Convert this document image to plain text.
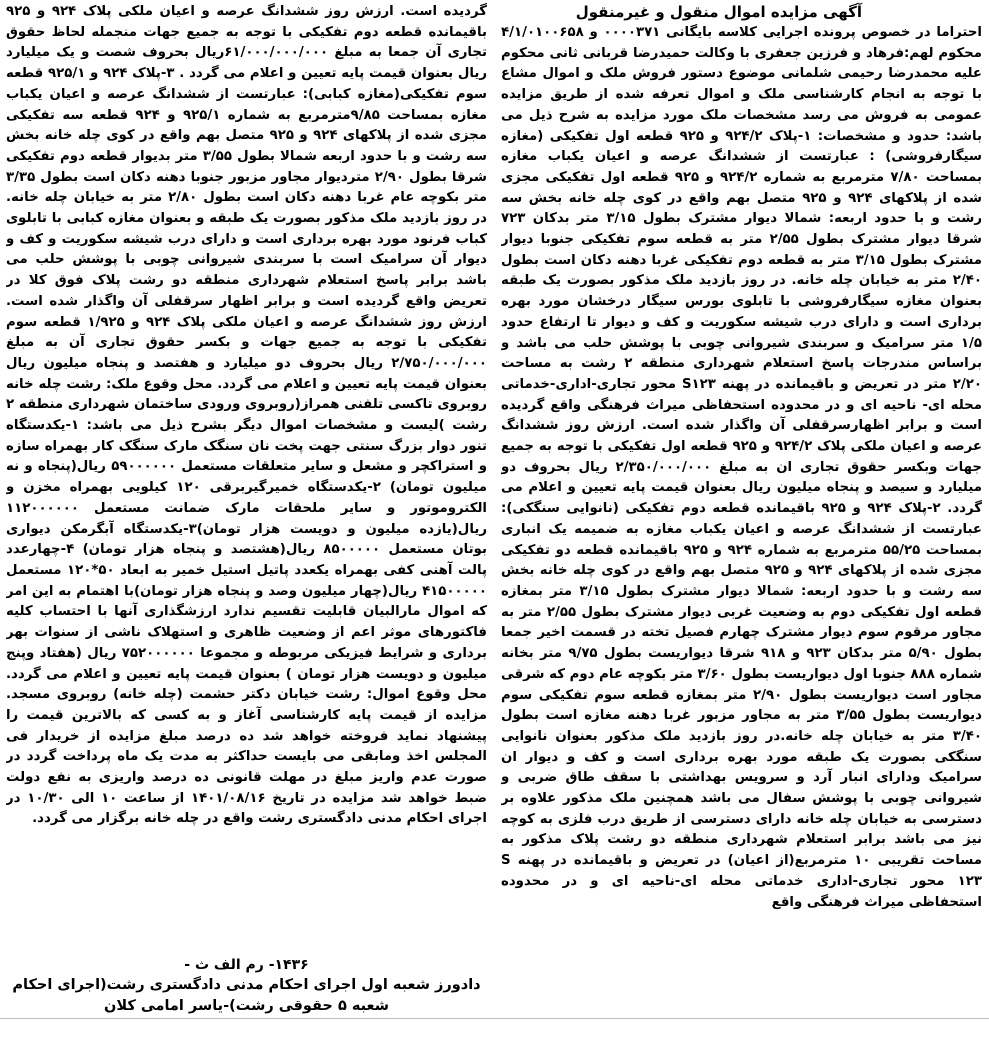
آگهی مزایده اموال منقول و غیرمنقول
احتراما در خصوص پرونده اجرایی کلاسه بایگانی ۰۰۰۰۳۷۱ و ۴/۱/۰۱۰۰۶۵۸ محکوم لهم:فرهاد و فرزین جعفری با وکالت حمیدرضا قربانی ثانی محکوم علیه محمدرضا رحیمی شلمانی موضوع دستور فروش ملک و اموال مشاع با توجه به انجام کارشناسی ملک و اموال تعرفه شده از طریق مزایده عمومی به فروش می رسد مشخصات ملک مورد مزایده به شرح ذیل می باشد: حدود و مشخصات: ۱-پلاک ۹۲۴/۲ و ۹۲۵ قطعه اول تفکیکی (مغازه سیگارفروشی) : عبارتست از ششدانگ عرصه و اعیان یکباب مغازه بمساحت ۷/۸۰ مترمربع به شماره ۹۲۴/۲ و ۹۲۵ قطعه اول تفکیکی مجزی شده از پلاکهای ۹۲۴ و ۹۲۵ متصل بهم واقع در کوی چله خانه بخش سه رشت و با حدود اربعه: شمالا دیوار مشترک بطول ۳/۱۵ متر بدکان ۷۲۳ شرقا دیوار مشترک بطول ۲/۵۵ متر به قطعه سوم تفکیکی جنوبا دیوار مشترک بطول ۳/۱۵ متر به قطعه دوم تفکیکی غربا دهنه دکان است بطول ۲/۴۰ متر به خیابان چله خانه. در روز بازدید ملک مذکور بصورت یک طبقه بعنوان مغازه سیگارفروشی با تابلوی بورس سیگار درخشان مورد بهره برداری است و دارای درب شیشه سکوریت و کف و دیوار تا ارتفاع حدود ۱/۵ متر سرامیک و سربندی شیروانی چوبی با پوشش حلب می باشد و براساس مندرجات پاسخ استعلام شهرداری منطقه ۲ رشت به مساحت ۲/۲۰ متر در تعریض و باقیمانده در پهنه S۱۲۳ محور تجاری-اداری-خدماتی محله ای- ناحیه ای و در محدوده استحفاظی میراث فرهنگی واقع گردیده است و برابر اظهارسرقفلی آن واگذار شده است. ارزش روز ششدانگ عرصه و اعیان ملکی پلاک ۹۲۴/۲ و ۹۲۵ قطعه اول تفکیکی با توجه به جمیع جهات وبکسر حقوق تجاری ان به مبلغ ۲/۳۵۰/۰۰۰/۰۰۰ ریال بحروف دو میلیارد و سیصد و پنجاه میلیون ریال بعنوان قیمت پایه تعیین و اعلام می گردد. ۲-پلاک ۹۲۴ و ۹۲۵ باقیمانده قطعه دوم تفکیکی (نانوایی سنگکی): عبارتست از ششدانگ عرصه و اعیان یکباب مغازه به ضمیمه یک انباری بمساحت ۵۵/۲۵ مترمربع به شماره ۹۲۴ و ۹۲۵ باقیمانده قطعه دو تفکیکی مجزی شده از پلاکهای ۹۲۴ و ۹۲۵ متصل بهم واقع در کوی چله خانه بخش سه رشت و با حدود اربعه: شمالا دیوار مشترک بطول ۳/۱۵ متر بمغازه قطعه اول تفکیکی دوم به وضعیت غربی دیوار مشترک بطول ۲/۵۵ متر به مجاور مرقوم سوم دیوار مشترک چهارم فصیل تخته در قسمت اخیر جمعا بطول ۵/۹۰ متر بدکان ۹۲۳ و ۹۱۸ شرقا دیواریست بطول ۹/۷۵ متر بخانه شماره ۸۸۸ جنوبا اول دیواریست بطول ۳/۶۰ متر بکوچه عام دوم که شرقی مجاور است دیواریست بطول ۲/۹۰ متر بمغازه قطعه سوم تفکیکی سوم دیواریست بطول ۳/۵۵ متر به مجاور مزبور غربا دهنه مغازه است بطول ۳/۴۰ متر به خیابان چله خانه.در روز بازدید ملک مذکور بعنوان نانوایی سنگکی بصورت یک طبقه مورد بهره برداری است و کف و دیوار ان سرامیک ودارای انبار آرد و سرویس بهداشتی با سقف طاق ضربی و شیروانی چوبی با پوشش سفال می باشد همچنین ملک مذکور علاوه بر دسترسی به خیابان چله خانه دارای دسترسی از طریق درب فلزی به کوچه نیز می باشد برابر استعلام شهرداری منطقه دو رشت پلاک مذکور به مساحت تقریبی ۱۰ مترمربع(از اعیان) در تعریض و باقیمانده در پهنه S ۱۲۳ محور تجاری-اداری خدماتی محله ای-ناحیه ای و در محدوده استحفاظی میراث فرهنگی واقع
گردیده است. ارزش روز ششدانگ عرصه و اعیان ملکی پلاک ۹۲۴ و ۹۲۵ باقیمانده قطعه دوم تفکیکی با توجه به جمیع جهات منجمله لحاظ حقوق تجاری آن جمعا به مبلغ ۶۱/۰۰۰/۰۰۰/۰۰۰ریال بحروف شصت و یک میلیارد ریال بعنوان قیمت پایه تعیین و اعلام می گردد . ۳-پلاک ۹۲۴ و ۹۲۵/۱ قطعه سوم تفکیکی(مغازه کبابی): عبارتست از ششدانگ عرصه و اعیان یکباب مغازه بمساحت ۹/۸۵مترمربع به شماره ۹۲۵/۱ و ۹۲۴ قطعه سه تفکیکی مجزی شده از پلاکهای ۹۲۴ و ۹۲۵ متصل بهم واقع در کوی چله خانه بخش سه رشت و با حدود اربعه شمالا بطول ۳/۵۵ متر بدیوار قطعه دوم تفکیکی شرقا بطول ۲/۹۰ متردیوار مجاور مزبور جنوبا دهنه دکان است بطول ۳/۳۵ متر بکوچه عام غربا دهنه دکان است بطول ۲/۸۰ متر به خیابان چله خانه. در روز بازدید ملک مذکور بصورت یک طبقه و بعنوان مغازه کبابی با تابلوی کباب فرنود مورد بهره برداری است و دارای درب شیشه سکوریت و کف و دیوار آن سرامیک است با سربندی شیروانی چوبی با پوشش حلب می باشد برابر پاسخ استعلام شهرداری منطقه دو رشت پلاک فوق کلا در تعریض واقع گردیده است و برابر اظهار سرقفلی آن واگذار شده است. ارزش روز ششدانگ عرصه و اعیان ملکی پلاک ۹۲۴ و ۱/۹۲۵ قطعه سوم تفکیکی با توجه به جمیع جهات و بکسر حقوق تجاری آن به مبلغ ۲/۷۵۰/۰۰۰/۰۰۰ ریال بحروف دو میلیارد و هفتصد و پنجاه میلیون ریال بعنوان قیمت پایه تعیین و اعلام می گردد. محل وقوع ملک: رشت چله خانه روبروی تاکسی تلفنی همراز(روبروی ورودی ساختمان شهرداری منطقه ۲ رشت )لیست و مشخصات اموال دیگر بشرح ذیل می باشد: ۱-یکدستگاه تنور دوار بزرگ سنتی جهت پخت نان سنگک مارک سنگک کار بهمراه سازه و استراکچر و مشعل و سایر متعلقات مستعمل ۵۹۰۰۰۰۰۰ ریال(پنجاه و نه میلیون تومان) ۲-یکدستگاه خمیرگیربرقی ۱۲۰ کیلویی بهمراه مخزن و الکتروموتور و سایر ملحقات مارک ضمانت مستعمل ۱۱۲۰۰۰۰۰۰ ریال(یازده میلیون و دویست هزار تومان)۳-یکدستگاه آبگرمکن دیواری بوتان مستعمل ۸۵۰۰۰۰۰ ریال(هشتصد و پنجاه هزار تومان) ۴-چهارعدد پالت آهنی کفی بهمراه یکعدد پاتیل استیل خمیر به ابعاد ۵۰*۱۲۰ مستعمل ۴۱۵۰۰۰۰۰ ریال(چهار میلیون وصد و پنجاه هزار تومان)با اهتمام به این امر که اموال مارالبیان قابلیت تقسیم ندارد ارزشگذاری آنها با احتساب کلیه فاکتورهای موثر اعم از وضعیت ظاهری و استهلاک ناشی از سنوات بهر برداری و شرایط فیزیکی مربوطه و مجموعا ۷۵۲۰۰۰۰۰۰ ریال (هفتاد وپنج میلیون و دویست هزار تومان ) بعنوان قیمت پایه تعیین و اعلام می گردد. محل وقوع اموال: رشت خیابان دکتر حشمت (چله خانه) روبروی مسجد. مزایده از قیمت پایه کارشناسی آغاز و به کسی که بالاترین قیمت را پیشنهاد نماید فروخته خواهد شد ده درصد مبلغ مزایده از خریدار فی المجلس اخذ ومابقی می بایست حداکثر به مدت یک ماه پرداخت گردد در صورت عدم واریز مبلغ در مهلت قانونی ده درصد واریزی به نفع دولت ضبط خواهد شد مزایده در تاریخ ۱۴۰۱/۰۸/۱۶ از ساعت ۱۰ الی ۱۰/۳۰ در اجرای احکام مدنی دادگستری رشت واقع در چله خانه برگزار می گردد.
۱۴۳۶- رم الف ث -
دادورز شعبه اول اجرای احکام مدنی دادگستری رشت(اجرای احکام
شعبه ۵ حقوقی رشت)-یاسر امامی کلان
